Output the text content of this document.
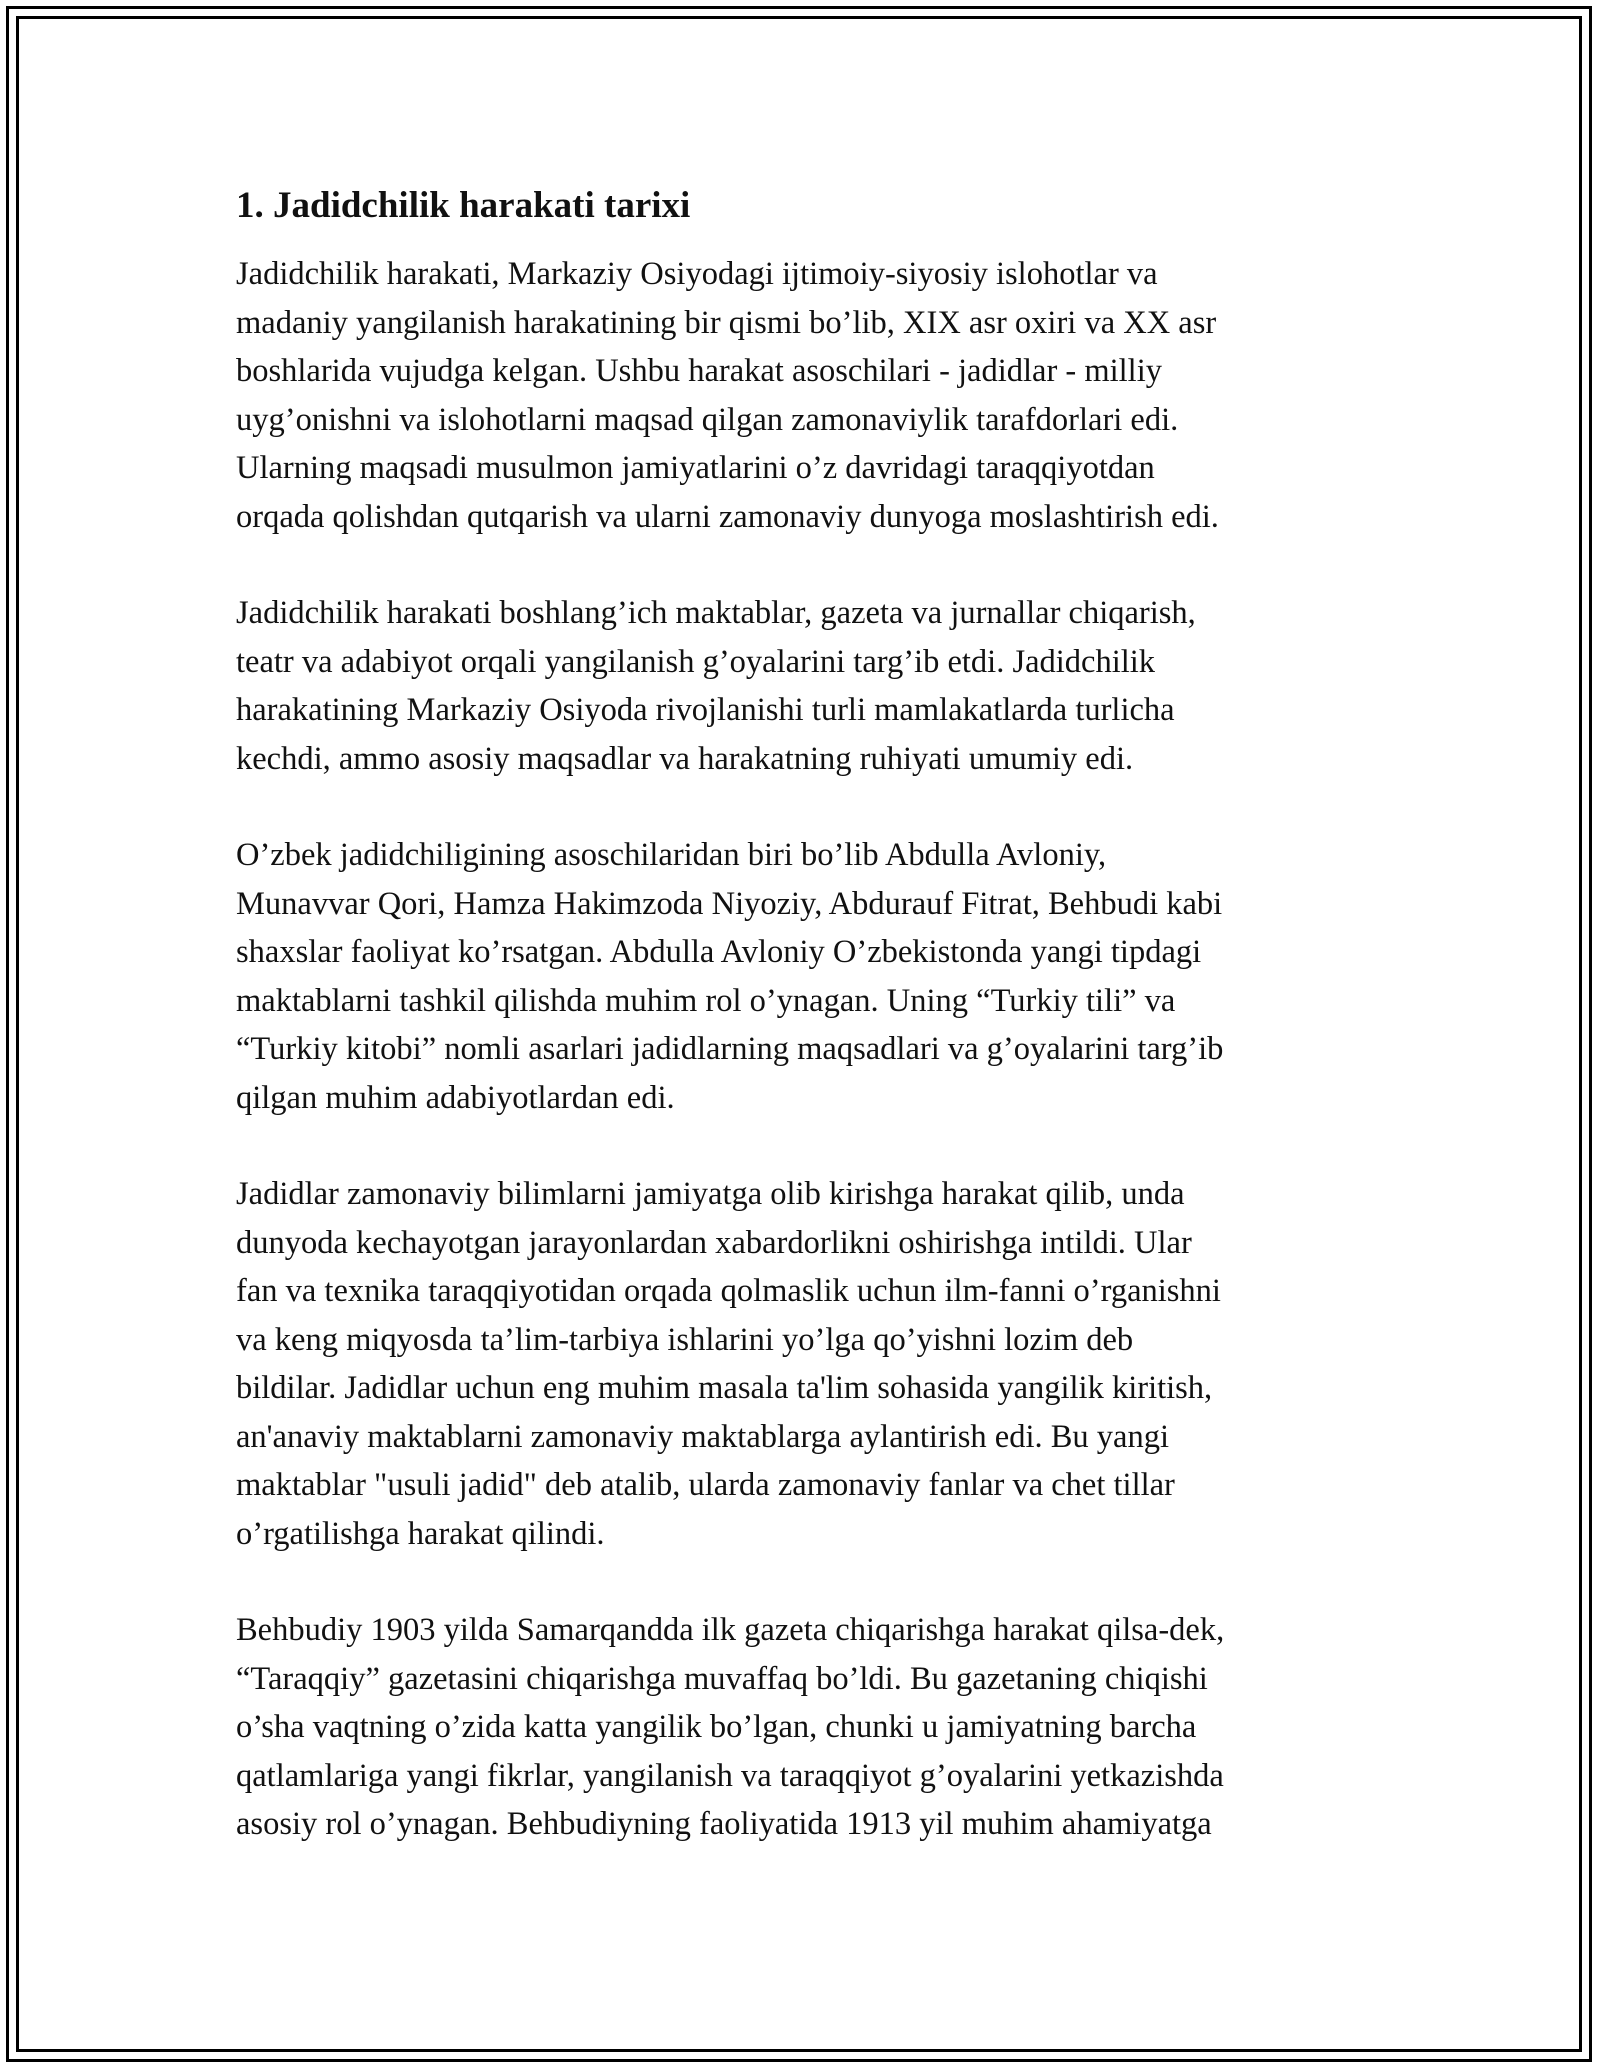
1. Jadidchilik harakati tarixi

Jadidchilik harakati, Markaziy Osiyodagi ijtimoiy-siyosiy islohotlar va
madaniy yangilanish harakatining bir qismi bo’lib, XIX asr oxiri va XX asr
boshlarida vujudga kelgan. Ushbu harakat asoschilari - jadidlar - milliy
uyg’onishni va islohotlarni maqsad qilgan zamonaviylik tarafdorlari edi.
Ularning maqsadi musulmon jamiyatlarini o’z davridagi taraqqiyotdan
orqada qolishdan qutqarish va ularni zamonaviy dunyoga moslashtirish edi.

Jadidchilik harakati boshlang’ich maktablar, gazeta va jurnallar chiqarish,
teatr va adabiyot orqali yangilanish g’oyalarini targ’ib etdi. Jadidchilik
harakatining Markaziy Osiyoda rivojlanishi turli mamlakatlarda turlicha
kechdi, ammo asosiy maqsadlar va harakatning ruhiyati umumiy edi.

O’zbek jadidchiligining asoschilaridan biri bo’lib Abdulla Avloniy,
Munavvar Qori, Hamza Hakimzoda Niyoziy, Abdurauf Fitrat, Behbudi kabi
shaxslar faoliyat ko’rsatgan. Abdulla Avloniy O’zbekistonda yangi tipdagi
maktablarni tashkil qilishda muhim rol o’ynagan. Uning “Turkiy tili” va
“Turkiy kitobi” nomli asarlari jadidlarning maqsadlari va g’oyalarini targ’ib
qilgan muhim adabiyotlardan edi.

Jadidlar zamonaviy bilimlarni jamiyatga olib kirishga harakat qilib, unda
dunyoda kechayotgan jarayonlardan xabardorlikni oshirishga intildi. Ular
fan va texnika taraqqiyotidan orqada qolmaslik uchun ilm-fanni o’rganishni
va keng miqyosda ta’lim-tarbiya ishlarini yo’lga qo’yishni lozim deb
bildilar. Jadidlar uchun eng muhim masala ta'lim sohasida yangilik kiritish,
an'anaviy maktablarni zamonaviy maktablarga aylantirish edi. Bu yangi
maktablar "usuli jadid" deb atalib, ularda zamonaviy fanlar va chet tillar
o’rgatilishga harakat qilindi.

Behbudiy 1903 yilda Samarqandda ilk gazeta chiqarishga harakat qilsa-dek,
“Taraqqiy” gazetasini chiqarishga muvaffaq bo’ldi. Bu gazetaning chiqishi
o’sha vaqtning o’zida katta yangilik bo’lgan, chunki u jamiyatning barcha
qatlamlariga yangi fikrlar, yangilanish va taraqqiyot g’oyalarini yetkazishda
asosiy rol o’ynagan. Behbudiyning faoliyatida 1913 yil muhim ahamiyatga
